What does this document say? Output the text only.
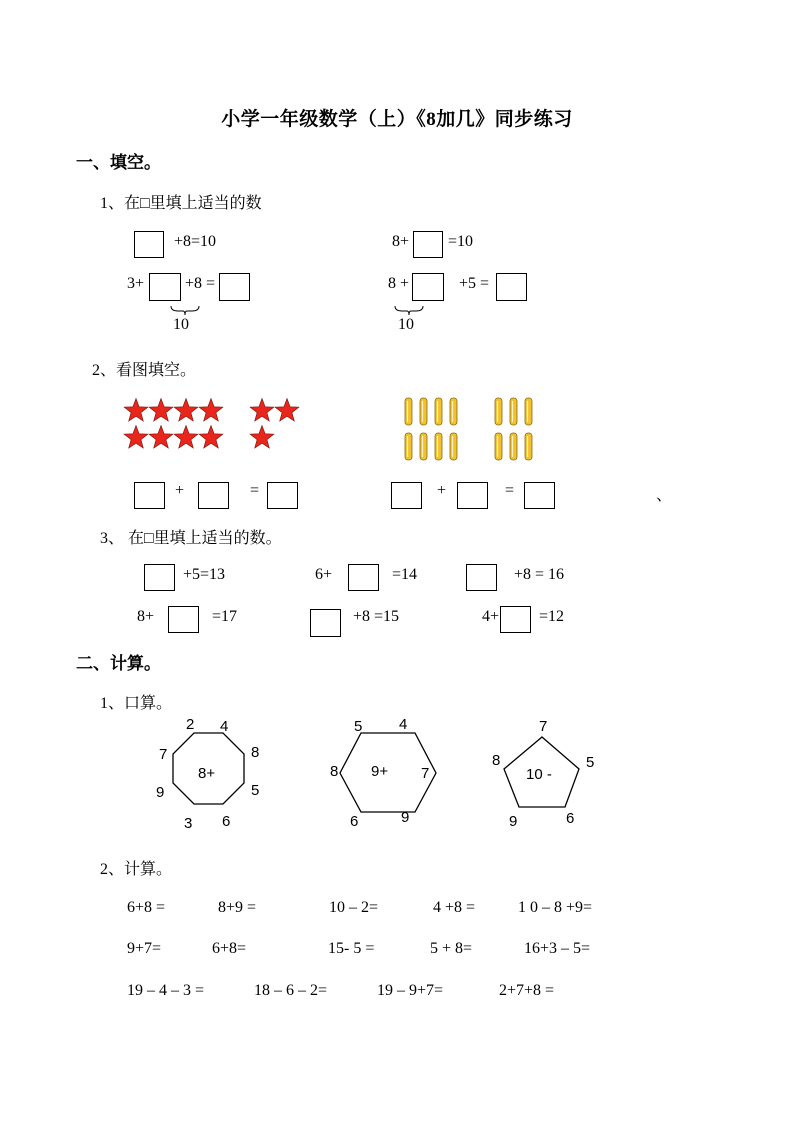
小学一年级数学（上）《8加几》同步练习
一、填空。
1、在□里填上适当的数
+8=10	8+ =10
3+	+8 =
10
8 +	+5 =
10
2、看图填空。
+	=	+	=	、
3、 在□里填上适当的数。
+5=13	6+	=14	+8 = 16
8+	=17	+8 =15	4+ =12
二、计算。
1、口算。
2 4
8
5
6
3
9
7
8+
5 4
7
9
6
8 9+
7
5
6
9
8
10 -
2、计算。
6+8 =	8+9 =	10 – 2=	4 +8 =	1 0 – 8 +9=
9+7=	6+8=	15- 5 =	5 + 8=	16+3 – 5=
19 – 4 – 3 =	18 – 6 – 2=	19 – 9+7=	2+7+8 =
